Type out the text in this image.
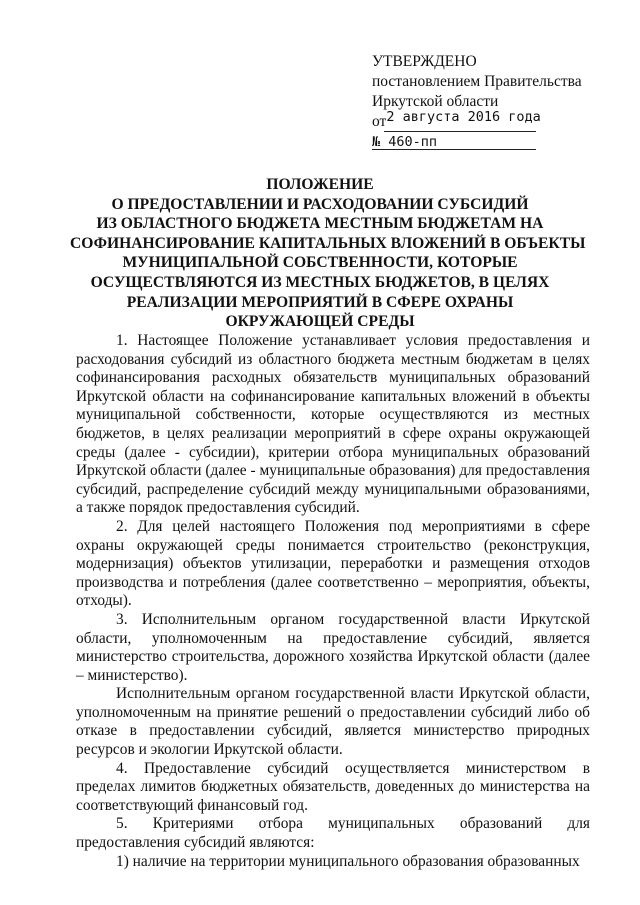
УТВЕРЖДЕНО
постановлением Правительства
Иркутской области
от2 августа 2016 года
№ 460-пп
ПОЛОЖЕНИЕ
О ПРЕДОСТАВЛЕНИИ И РАСХОДОВАНИИ СУБСИДИЙ
ИЗ ОБЛАСТНОГО БЮДЖЕТА МЕСТНЫМ БЮДЖЕТАМ НА
СОФИНАНСИРОВАНИЕ КАПИТАЛЬНЫХ ВЛОЖЕНИЙ В ОБЪЕКТЫ
МУНИЦИПАЛЬНОЙ СОБСТВЕННОСТИ, КОТОРЫЕ
ОСУЩЕСТВЛЯЮТСЯ ИЗ МЕСТНЫХ БЮДЖЕТОВ, В ЦЕЛЯХ
РЕАЛИЗАЦИИ МЕРОПРИЯТИЙ В СФЕРЕ ОХРАНЫ
ОКРУЖАЮЩЕЙ СРЕДЫ

1. Настоящее Положение устанавливает условия предоставления и расходования субсидий из областного бюджета местным бюджетам в целях софинансирования расходных обязательств муниципальных образований Иркутской области на софинансирование капитальных вложений в объекты муниципальной собственности, которые осуществляются из местных бюджетов, в целях реализации мероприятий в сфере охраны окружающей среды (далее - субсидии), критерии отбора муниципальных образований Иркутской области (далее - муниципальные образования) для предоставления субсидий, распределение субсидий между муниципальными образованиями, а также порядок предоставления субсидий.

2. Для целей настоящего Положения под мероприятиями в сфере охраны окружающей среды понимается строительство (реконструкция, модернизация) объектов утилизации, переработки и размещения отходов производства и потребления (далее соответственно – мероприятия, объекты, отходы).

3. Исполнительным органом государственной власти Иркутской области, уполномоченным на предоставление субсидий, является министерство строительства, дорожного хозяйства Иркутской области (далее – министерство).

Исполнительным органом государственной власти Иркутской области, уполномоченным на принятие решений о предоставлении субсидий либо об отказе в предоставлении субсидий, является министерство природных ресурсов и экологии Иркутской области.

4. Предоставление субсидий осуществляется министерством в пределах лимитов бюджетных обязательств, доведенных до министерства на соответствующий финансовый год.

5. Критериями отбора муниципальных образований для предоставления субсидий являются:

1) наличие на территории муниципального образования образованных
